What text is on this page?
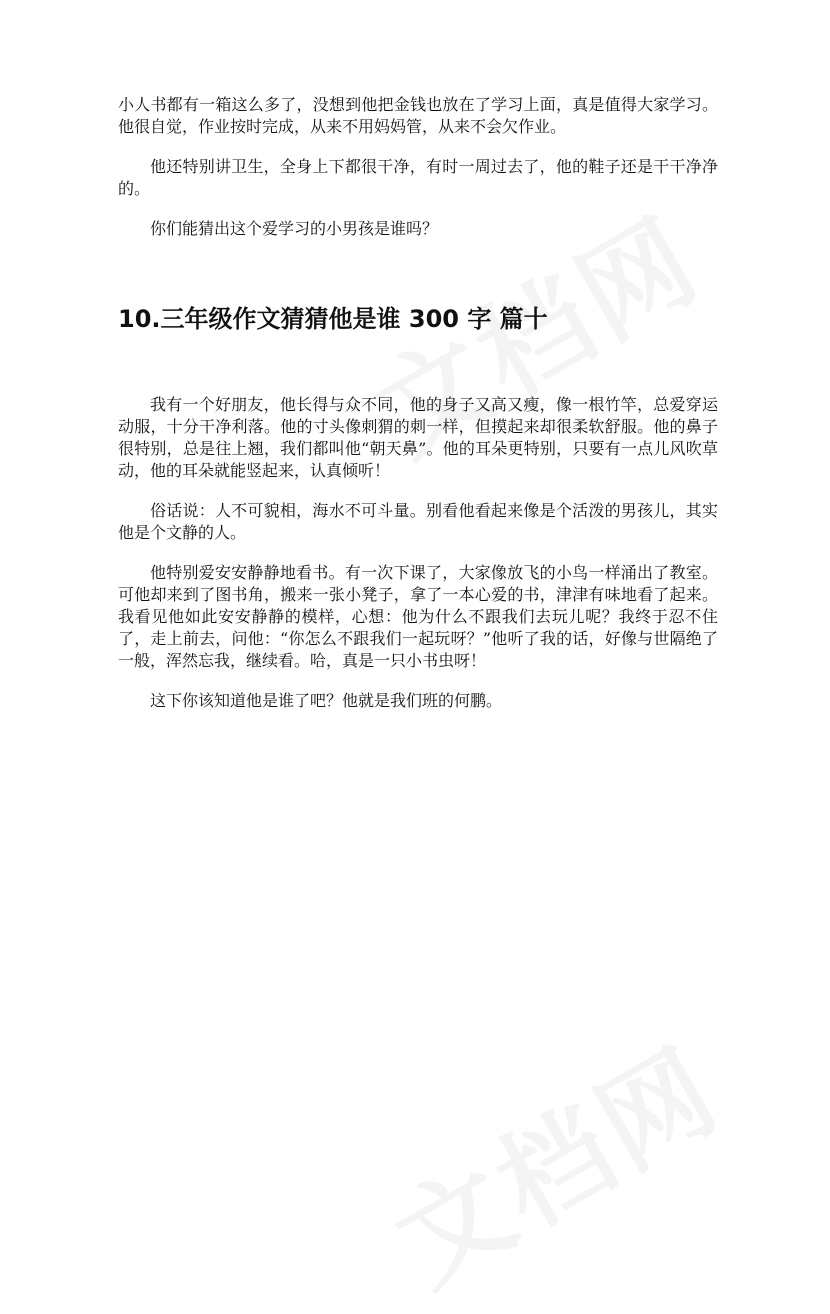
小人书都有一箱这么多了，没想到他把金钱也放在了学习上面，真是值得大家学习。他很自觉，作业按时完成，从来不用妈妈管，从来不会欠作业。

他还特别讲卫生，全身上下都很干净，有时一周过去了，他的鞋子还是干干净净的。

你们能猜出这个爱学习的小男孩是谁吗？

10.三年级作文猜猜他是谁 300 字 篇十

我有一个好朋友，他长得与众不同，他的身子又高又瘦，像一根竹竿，总爱穿运动服，十分干净利落。他的寸头像刺猬的刺一样，但摸起来却很柔软舒服。他的鼻子很特别，总是往上翘，我们都叫他“朝天鼻”。他的耳朵更特别，只要有一点儿风吹草动，他的耳朵就能竖起来，认真倾听！

俗话说：人不可貌相，海水不可斗量。别看他看起来像是个活泼的男孩儿，其实他是个文静的人。

他特别爱安安静静地看书。有一次下课了，大家像放飞的小鸟一样涌出了教室。可他却来到了图书角，搬来一张小凳子，拿了一本心爱的书，津津有味地看了起来。我看见他如此安安静静的模样，心想：他为什么不跟我们去玩儿呢？我终于忍不住了，走上前去，问他：“你怎么不跟我们一起玩呀？”他听了我的话，好像与世隔绝了一般，浑然忘我，继续看。哈，真是一只小书虫呀！

这下你该知道他是谁了吧？他就是我们班的何鹏。
